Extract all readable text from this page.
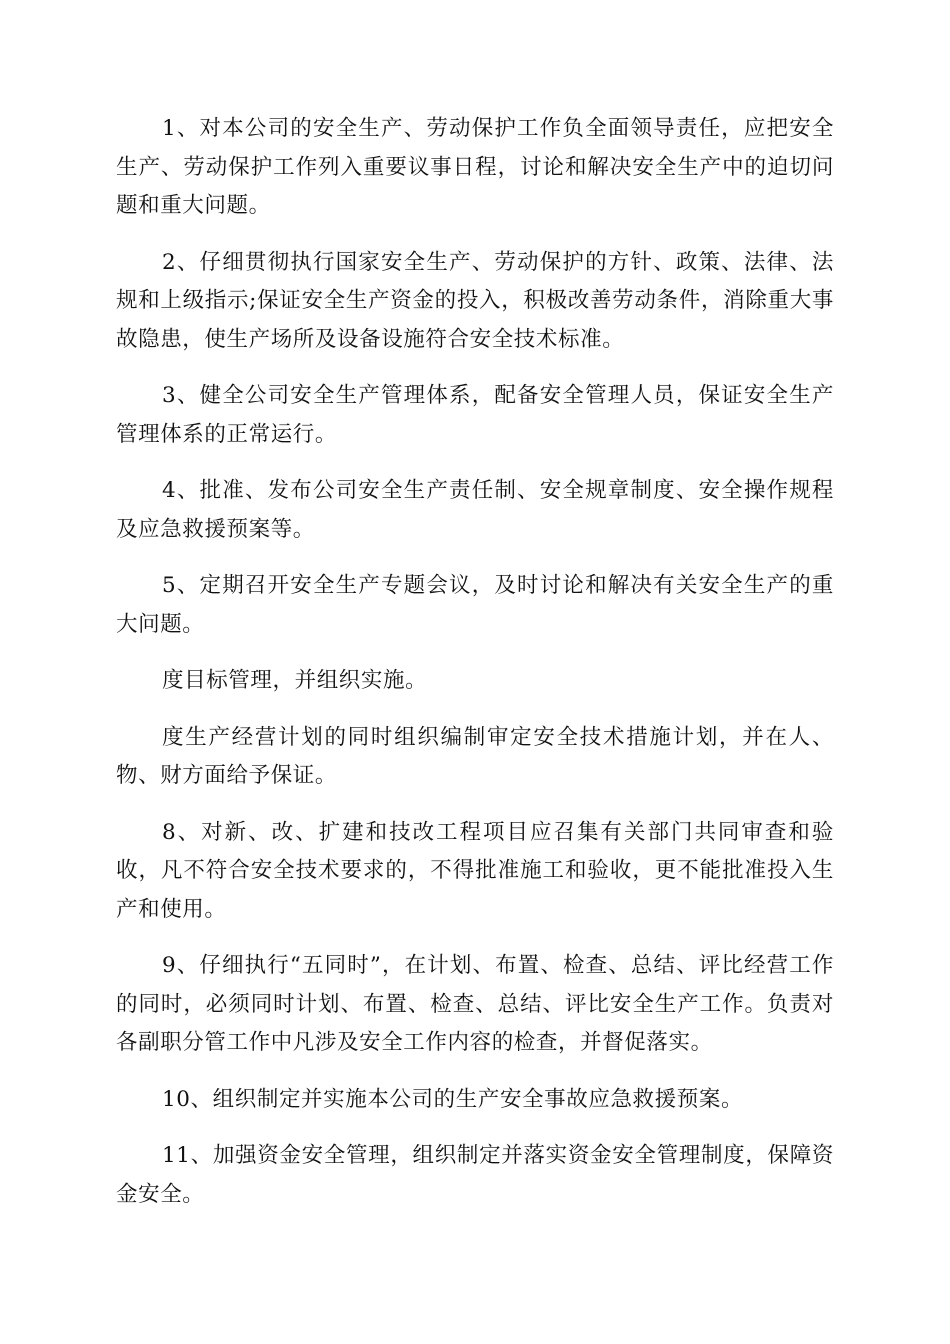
1、对本公司的安全生产、劳动保护工作负全面领导责任，应把安全生产、劳动保护工作列入重要议事日程，讨论和解决安全生产中的迫切问题和重大问题。

2、仔细贯彻执行国家安全生产、劳动保护的方针、政策、法律、法规和上级指示;保证安全生产资金的投入，积极改善劳动条件，消除重大事故隐患，使生产场所及设备设施符合安全技术标准。

3、健全公司安全生产管理体系，配备安全管理人员，保证安全生产管理体系的正常运行。

4、批准、发布公司安全生产责任制、安全规章制度、安全操作规程及应急救援预案等。

5、定期召开安全生产专题会议，及时讨论和解决有关安全生产的重大问题。

度目标管理，并组织实施。

度生产经营计划的同时组织编制审定安全技术措施计划，并在人、物、财方面给予保证。

8、对新、改、扩建和技改工程项目应召集有关部门共同审查和验收，凡不符合安全技术要求的，不得批准施工和验收，更不能批准投入生产和使用。

9、仔细执行“五同时”，在计划、布置、检查、总结、评比经营工作的同时，必须同时计划、布置、检查、总结、评比安全生产工作。负责对各副职分管工作中凡涉及安全工作内容的检查，并督促落实。

10、组织制定并实施本公司的生产安全事故应急救援预案。

11、加强资金安全管理，组织制定并落实资金安全管理制度，保障资金安全。
